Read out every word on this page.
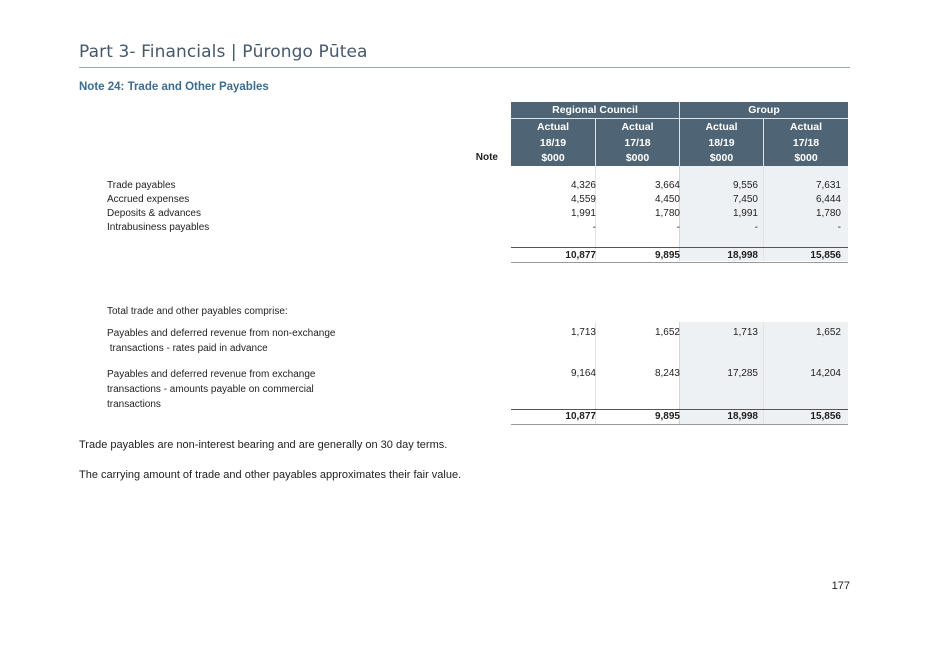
Part 3- Financials | Pūrongo Pūtea
Note 24: Trade and Other Payables
Regional Council	Group
Actual	Actual	Actual	Actual
18/19	17/18	18/19	17/18
$000	$000	$000	$000
Note
Trade payables	4,326	3,664	9,556	7,631
Accrued expenses	4,559	4,450	7,450	6,444
Deposits & advances	1,991	1,780	1,991	1,780
Intrabusiness payables	-	-	-	-
10,877	9,895	18,998	15,856
Total trade and other payables comprise:
Payables and deferred revenue from non-exchange
transactions - rates paid in advance
1,713	1,652	1,713	1,652
Payables and deferred revenue from exchange
transactions - amounts payable on commercial
transactions
9,164	8,243	17,285	14,204
10,877	9,895	18,998	15,856
Trade payables are non-interest bearing and are generally on 30 day terms.
The carrying amount of trade and other payables approximates their fair value.
177
